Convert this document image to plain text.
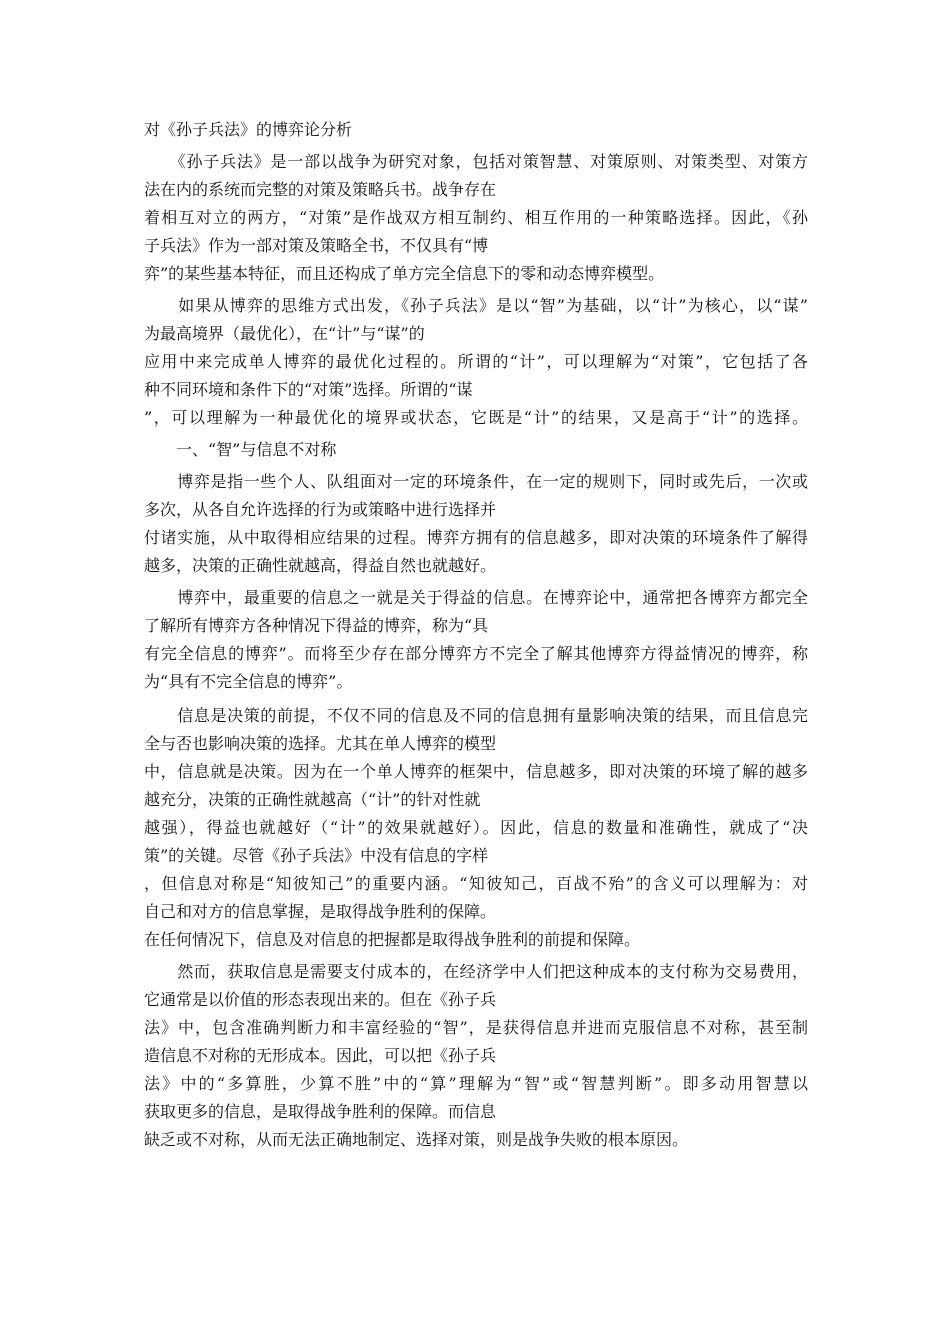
对《孙子兵法》的博弈论分析
　　《孙子兵法》是一部以战争为研究对象，包括对策智慧、对策原则、对策类型、对策方
法在内的系统而完整的对策及策略兵书。战争存在
着相互对立的两方，“对策”是作战双方相互制约、相互作用的一种策略选择。因此，《孙
子兵法》作为一部对策及策略全书，不仅具有“博
弈”的某些基本特征，而且还构成了单方完全信息下的零和动态博弈模型。
　　如果从博弈的思维方式出发，《孙子兵法》是以“智”为基础，以“计”为核心，以“谋”
为最高境界（最优化），在“计”与“谋”的
应用中来完成单人博弈的最优化过程的。所谓的“计”，可以理解为“对策”，它包括了各
种不同环境和条件下的“对策”选择。所谓的“谋
”，可以理解为一种最优化的境界或状态，它既是“计”的结果，又是高于“计”的选择。
　　一、“智”与信息不对称
　　博弈是指一些个人、队组面对一定的环境条件，在一定的规则下，同时或先后，一次或
多次，从各自允许选择的行为或策略中进行选择并
付诸实施，从中取得相应结果的过程。博弈方拥有的信息越多，即对决策的环境条件了解得
越多，决策的正确性就越高，得益自然也就越好。
　　博弈中，最重要的信息之一就是关于得益的信息。在博弈论中，通常把各博弈方都完全
了解所有博弈方各种情况下得益的博弈，称为“具
有完全信息的博弈”。而将至少存在部分博弈方不完全了解其他博弈方得益情况的博弈，称
为“具有不完全信息的博弈”。
　　信息是决策的前提，不仅不同的信息及不同的信息拥有量影响决策的结果，而且信息完
全与否也影响决策的选择。尤其在单人博弈的模型
中，信息就是决策。因为在一个单人博弈的框架中，信息越多，即对决策的环境了解的越多
越充分，决策的正确性就越高（“计”的针对性就
越强），得益也就越好（“计”的效果就越好）。因此，信息的数量和准确性，就成了“决
策”的关键。尽管《孙子兵法》中没有信息的字样
，但信息对称是“知彼知己”的重要内涵。“知彼知己，百战不殆”的含义可以理解为：对
自己和对方的信息掌握，是取得战争胜利的保障。
在任何情况下，信息及对信息的把握都是取得战争胜利的前提和保障。
　　然而，获取信息是需要支付成本的，在经济学中人们把这种成本的支付称为交易费用，
它通常是以价值的形态表现出来的。但在《孙子兵
法》中，包含准确判断力和丰富经验的“智”，是获得信息并进而克服信息不对称，甚至制
造信息不对称的无形成本。因此，可以把《孙子兵
法》中的“多算胜，少算不胜”中的“算”理解为“智”或“智慧判断”。即多动用智慧以
获取更多的信息，是取得战争胜利的保障。而信息
缺乏或不对称，从而无法正确地制定、选择对策，则是战争失败的根本原因。
